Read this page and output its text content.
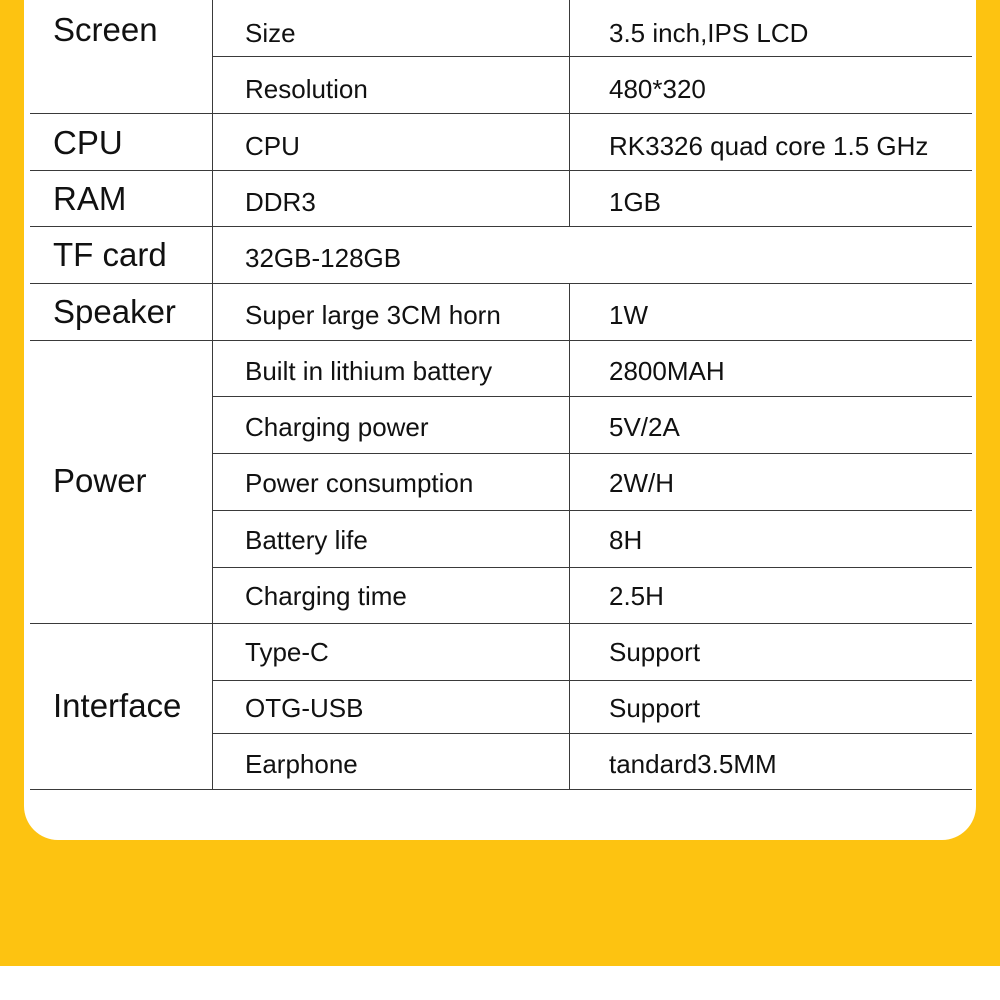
Screen	Size	3.5 inch,IPS LCD
Resolution	480*320
CPU	CPU	RK3326 quad core 1.5 GHz
RAM	DDR3	1GB
TF card	32GB-128GB
Speaker	Super large 3CM horn	1W
Power
Built in lithium battery	2800MAH
Charging power	5V/2A
Power consumption	2W/H
Battery life	8H
Charging time	2.5H
Interface
Type-C	Support
OTG-USB	Support
Earphone	tandard3.5MM
